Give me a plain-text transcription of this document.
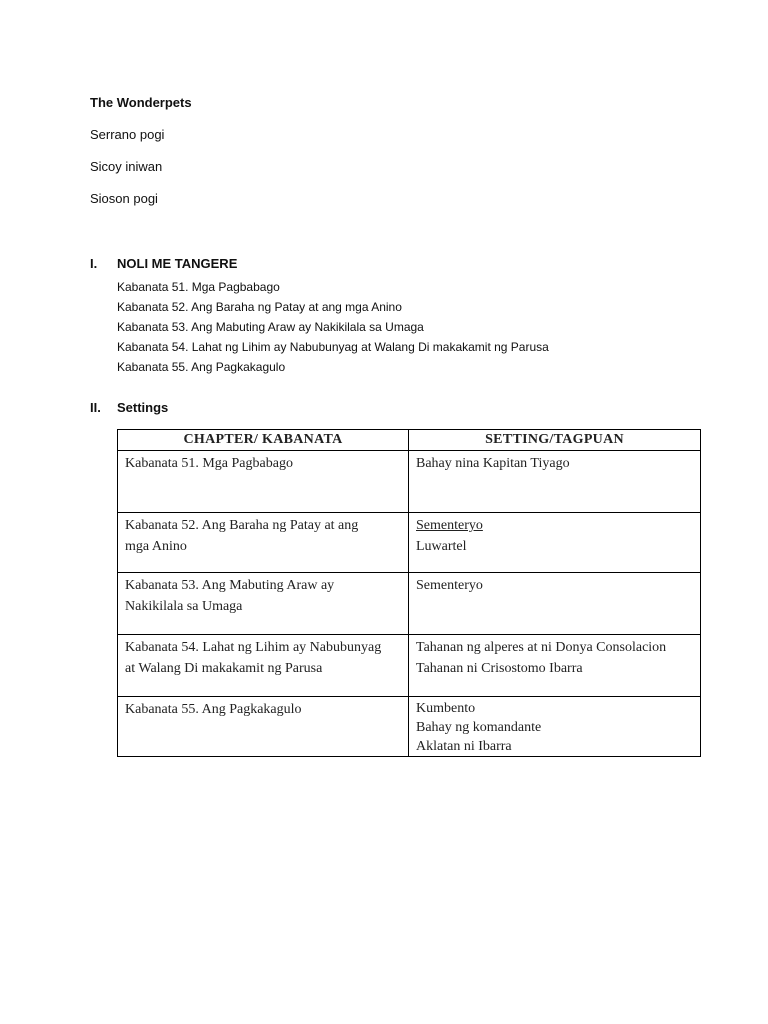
The Wonderpets
Serrano pogi
Sicoy iniwan
Sioson pogi
I. NOLI ME TANGERE
Kabanata 51. Mga Pagbabago
Kabanata 52. Ang Baraha ng Patay at ang mga Anino
Kabanata 53. Ang Mabuting Araw ay Nakikilala sa Umaga
Kabanata 54. Lahat ng Lihim ay Nabubunyag at Walang Di makakamit ng Parusa
Kabanata 55. Ang Pagkakagulo
II. Settings
CHAPTER/ KABANATA	SETTING/TAGPUAN

Kabanata 51. Mga Pagbabago	Bahay nina Kapitan Tiyago

Kabanata 52. Ang Baraha ng Patay at ang
mga Anino	Sementeryo
Luwartel

Kabanata 53. Ang Mabuting Araw ay
Nakikilala sa Umaga	Sementeryo

Kabanata 54. Lahat ng Lihim ay Nabubunyag
at Walang Di makakamit ng Parusa	Tahanan ng alperes at ni Donya Consolacion
Tahanan ni Crisostomo Ibarra

Kabanata 55. Ang Pagkakagulo	Kumbento
Bahay ng komandante
Aklatan ni Ibarra
